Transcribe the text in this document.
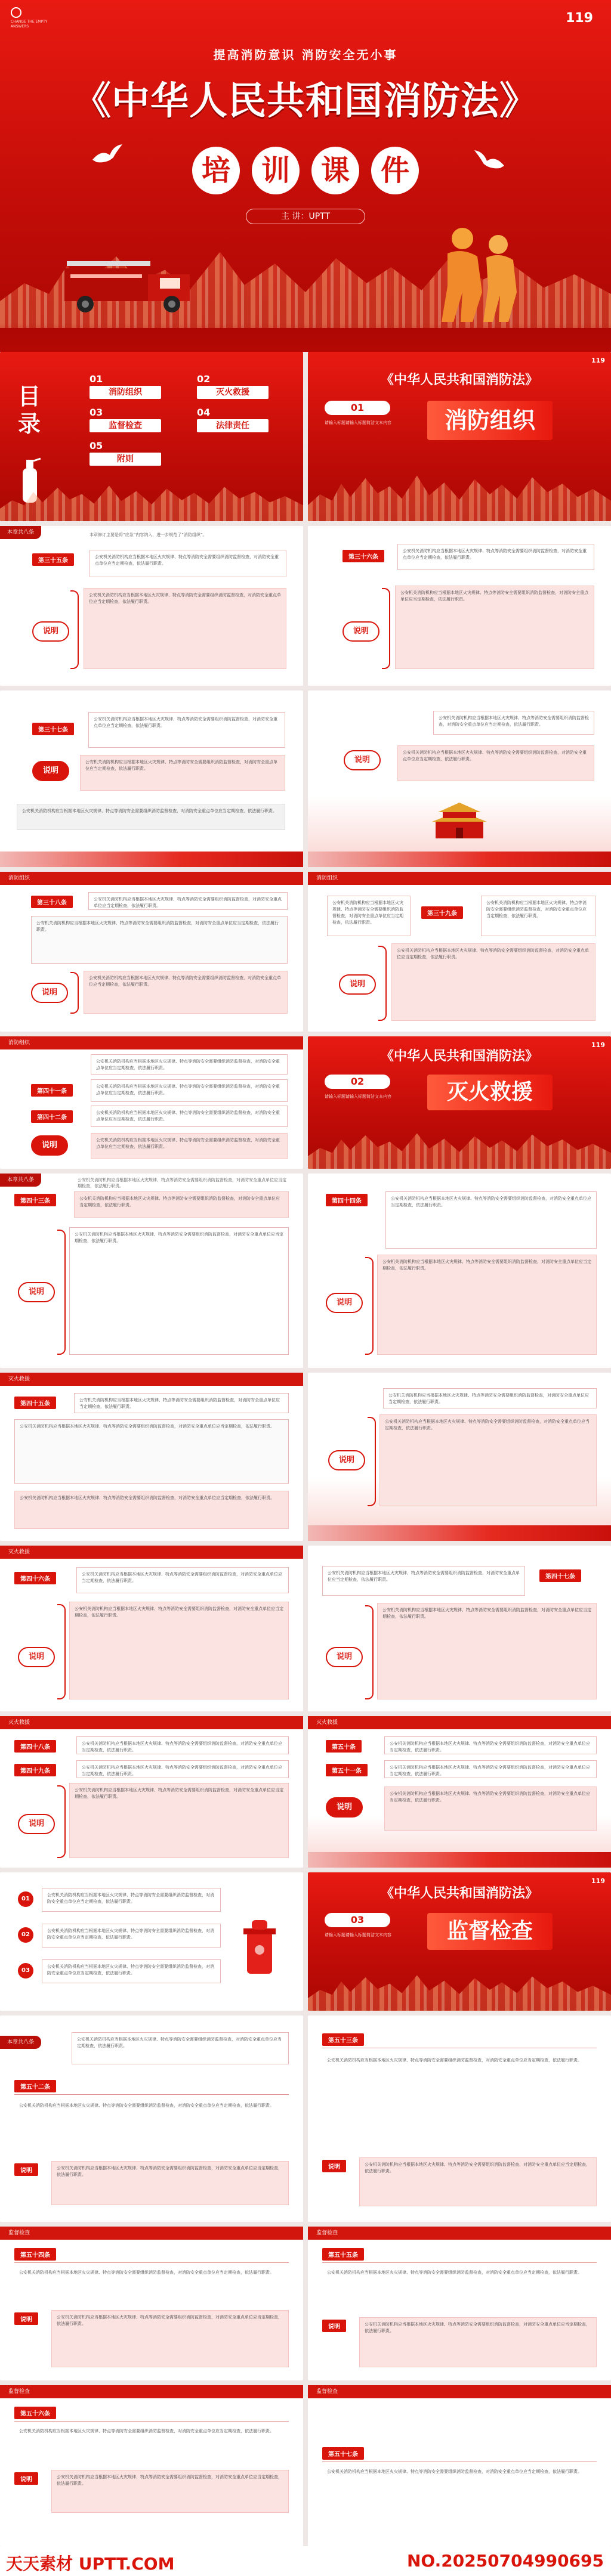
CHANGE THE EMPTY
ANSWERS
119
提高消防意识 消防安全无小事
《中华人民共和国消防法》
培	训	课	件
主 讲：UPTT
目录
01
消防组织
02
灭火救援
03
监督检查
04
法律责任
05
附则
119
《中华人民共和国消防法》
01
请输入标题请输入标题简洁文本内容	消防组织
本章共八条	本章修订主要是将“应急”内容纳入，进一步规范了“消防组织”。
第三十五条
公安机关消防机构应当根据本地区火灾规律、特点等消防安全需要组织消防监督检查，对消防安全重点单位应当定期检查，依法履行职责。
说明
公安机关消防机构应当根据本地区火灾规律、特点等消防安全需要组织消防监督检查，对消防安全重点单位应当定期检查，依法履行职责。
第三十六条
公安机关消防机构应当根据本地区火灾规律、特点等消防安全需要组织消防监督检查，对消防安全重点单位应当定期检查，依法履行职责。
说明
公安机关消防机构应当根据本地区火灾规律、特点等消防安全需要组织消防监督检查，对消防安全重点单位应当定期检查，依法履行职责。
第三十七条
公安机关消防机构应当根据本地区火灾规律、特点等消防安全需要组织消防监督检查，对消防安全重点单位应当定期检查，依法履行职责。
公安机关消防机构应当根据本地区火灾规律、特点等消防安全需要组织消防监督检查，对消防安全重点单位应当定期检查，依法履行职责。
说明
公安机关消防机构应当根据本地区火灾规律、特点等消防安全需要组织消防监督检查，对消防安全重点单位应当定期检查，依法履行职责。
公安机关消防机构应当根据本地区火灾规律、特点等消防安全需要组织消防监督检查，对消防安全重点单位应当定期检查，依法履行职责。
说明
公安机关消防机构应当根据本地区火灾规律、特点等消防安全需要组织消防监督检查，对消防安全重点单位应当定期检查，依法履行职责。
消防组织
第三十八条
公安机关消防机构应当根据本地区火灾规律、特点等消防安全需要组织消防监督检查，对消防安全重点单位应当定期检查，依法履行职责。
公安机关消防机构应当根据本地区火灾规律、特点等消防安全需要组织消防监督检查，对消防安全重点单位应当定期检查，依法履行职责。
说明
公安机关消防机构应当根据本地区火灾规律、特点等消防安全需要组织消防监督检查，对消防安全重点单位应当定期检查，依法履行职责。
消防组织
公安机关消防机构应当根据本地区火灾规律、特点等消防安全需要组织消防监督检查，对消防安全重点单位应当定期检查，依法履行职责。
第三十九条
公安机关消防机构应当根据本地区火灾规律、特点等消防安全需要组织消防监督检查，对消防安全重点单位应当定期检查，依法履行职责。
说明
公安机关消防机构应当根据本地区火灾规律、特点等消防安全需要组织消防监督检查，对消防安全重点单位应当定期检查，依法履行职责。
消防组织
公安机关消防机构应当根据本地区火灾规律、特点等消防安全需要组织消防监督检查，对消防安全重点单位应当定期检查，依法履行职责。
第四十一条
公安机关消防机构应当根据本地区火灾规律、特点等消防安全需要组织消防监督检查，对消防安全重点单位应当定期检查，依法履行职责。
第四十二条
公安机关消防机构应当根据本地区火灾规律、特点等消防安全需要组织消防监督检查，对消防安全重点单位应当定期检查，依法履行职责。
说明
公安机关消防机构应当根据本地区火灾规律、特点等消防安全需要组织消防监督检查，对消防安全重点单位应当定期检查，依法履行职责。
119
《中华人民共和国消防法》
02
请输入标题请输入标题简洁文本内容	灭火救援
本章共八条	公安机关消防机构应当根据本地区火灾规律、特点等消防安全需要组织消防监督检查，对消防安全重点单位应当定期检查，依法履行职责。
第四十三条	公安机关消防机构应当根据本地区火灾规律、特点等消防安全需要组织消防监督检查，对消防安全重点单位应当定期检查，依法履行职责。
说明
公安机关消防机构应当根据本地区火灾规律、特点等消防安全需要组织消防监督检查，对消防安全重点单位应当定期检查，依法履行职责。
公安机关消防机构应当根据本地区火灾规律、特点等消防安全需要组织消防监督检查，对消防安全重点单位应当定期检查，依法履行职责。
第四十四条
说明
公安机关消防机构应当根据本地区火灾规律、特点等消防安全需要组织消防监督检查，对消防安全重点单位应当定期检查，依法履行职责。
灭火救援
第四十五条
公安机关消防机构应当根据本地区火灾规律、特点等消防安全需要组织消防监督检查，对消防安全重点单位应当定期检查，依法履行职责。
公安机关消防机构应当根据本地区火灾规律、特点等消防安全需要组织消防监督检查，对消防安全重点单位应当定期检查，依法履行职责。
公安机关消防机构应当根据本地区火灾规律、特点等消防安全需要组织消防监督检查，对消防安全重点单位应当定期检查，依法履行职责。
公安机关消防机构应当根据本地区火灾规律、特点等消防安全需要组织消防监督检查，对消防安全重点单位应当定期检查，依法履行职责。
说明
公安机关消防机构应当根据本地区火灾规律、特点等消防安全需要组织消防监督检查，对消防安全重点单位应当定期检查，依法履行职责。
灭火救援
第四十六条
公安机关消防机构应当根据本地区火灾规律、特点等消防安全需要组织消防监督检查，对消防安全重点单位应当定期检查，依法履行职责。
说明
公安机关消防机构应当根据本地区火灾规律、特点等消防安全需要组织消防监督检查，对消防安全重点单位应当定期检查，依法履行职责。
公安机关消防机构应当根据本地区火灾规律、特点等消防安全需要组织消防监督检查，对消防安全重点单位应当定期检查，依法履行职责。	第四十七条
说明
公安机关消防机构应当根据本地区火灾规律、特点等消防安全需要组织消防监督检查，对消防安全重点单位应当定期检查，依法履行职责。
灭火救援
第四十八条
公安机关消防机构应当根据本地区火灾规律、特点等消防安全需要组织消防监督检查，对消防安全重点单位应当定期检查，依法履行职责。
第四十九条
公安机关消防机构应当根据本地区火灾规律、特点等消防安全需要组织消防监督检查，对消防安全重点单位应当定期检查，依法履行职责。
说明
公安机关消防机构应当根据本地区火灾规律、特点等消防安全需要组织消防监督检查，对消防安全重点单位应当定期检查，依法履行职责。
灭火救援
第五十条
公安机关消防机构应当根据本地区火灾规律、特点等消防安全需要组织消防监督检查，对消防安全重点单位应当定期检查，依法履行职责。
第五十一条
公安机关消防机构应当根据本地区火灾规律、特点等消防安全需要组织消防监督检查，对消防安全重点单位应当定期检查，依法履行职责。
说明
公安机关消防机构应当根据本地区火灾规律、特点等消防安全需要组织消防监督检查，对消防安全重点单位应当定期检查，依法履行职责。
01
公安机关消防机构应当根据本地区火灾规律、特点等消防安全需要组织消防监督检查，对消防安全重点单位应当定期检查，依法履行职责。
02
公安机关消防机构应当根据本地区火灾规律、特点等消防安全需要组织消防监督检查，对消防安全重点单位应当定期检查，依法履行职责。
03
公安机关消防机构应当根据本地区火灾规律、特点等消防安全需要组织消防监督检查，对消防安全重点单位应当定期检查，依法履行职责。
119
《中华人民共和国消防法》
03
请输入标题请输入标题简洁文本内容	监督检查
本章共八条	公安机关消防机构应当根据本地区火灾规律、特点等消防安全需要组织消防监督检查，对消防安全重点单位应当定期检查，依法履行职责。
第五十二条
公安机关消防机构应当根据本地区火灾规律、特点等消防安全需要组织消防监督检查，对消防安全重点单位应当定期检查，依法履行职责。
说明	公安机关消防机构应当根据本地区火灾规律、特点等消防安全需要组织消防监督检查，对消防安全重点单位应当定期检查，依法履行职责。
第五十三条
公安机关消防机构应当根据本地区火灾规律、特点等消防安全需要组织消防监督检查，对消防安全重点单位应当定期检查，依法履行职责。
说明	公安机关消防机构应当根据本地区火灾规律、特点等消防安全需要组织消防监督检查，对消防安全重点单位应当定期检查，依法履行职责。
监督检查
第五十四条
公安机关消防机构应当根据本地区火灾规律、特点等消防安全需要组织消防监督检查，对消防安全重点单位应当定期检查，依法履行职责。
说明	公安机关消防机构应当根据本地区火灾规律、特点等消防安全需要组织消防监督检查，对消防安全重点单位应当定期检查，依法履行职责。
监督检查
第五十五条
公安机关消防机构应当根据本地区火灾规律、特点等消防安全需要组织消防监督检查，对消防安全重点单位应当定期检查，依法履行职责。
说明	公安机关消防机构应当根据本地区火灾规律、特点等消防安全需要组织消防监督检查，对消防安全重点单位应当定期检查，依法履行职责。
监督检查
第五十六条
公安机关消防机构应当根据本地区火灾规律、特点等消防安全需要组织消防监督检查，对消防安全重点单位应当定期检查，依法履行职责。
说明	公安机关消防机构应当根据本地区火灾规律、特点等消防安全需要组织消防监督检查，对消防安全重点单位应当定期检查，依法履行职责。
监督检查
第五十七条
公安机关消防机构应当根据本地区火灾规律、特点等消防安全需要组织消防监督检查，对消防安全重点单位应当定期检查，依法履行职责。
天天素材 UPTT.COM	NO.20250704990695
